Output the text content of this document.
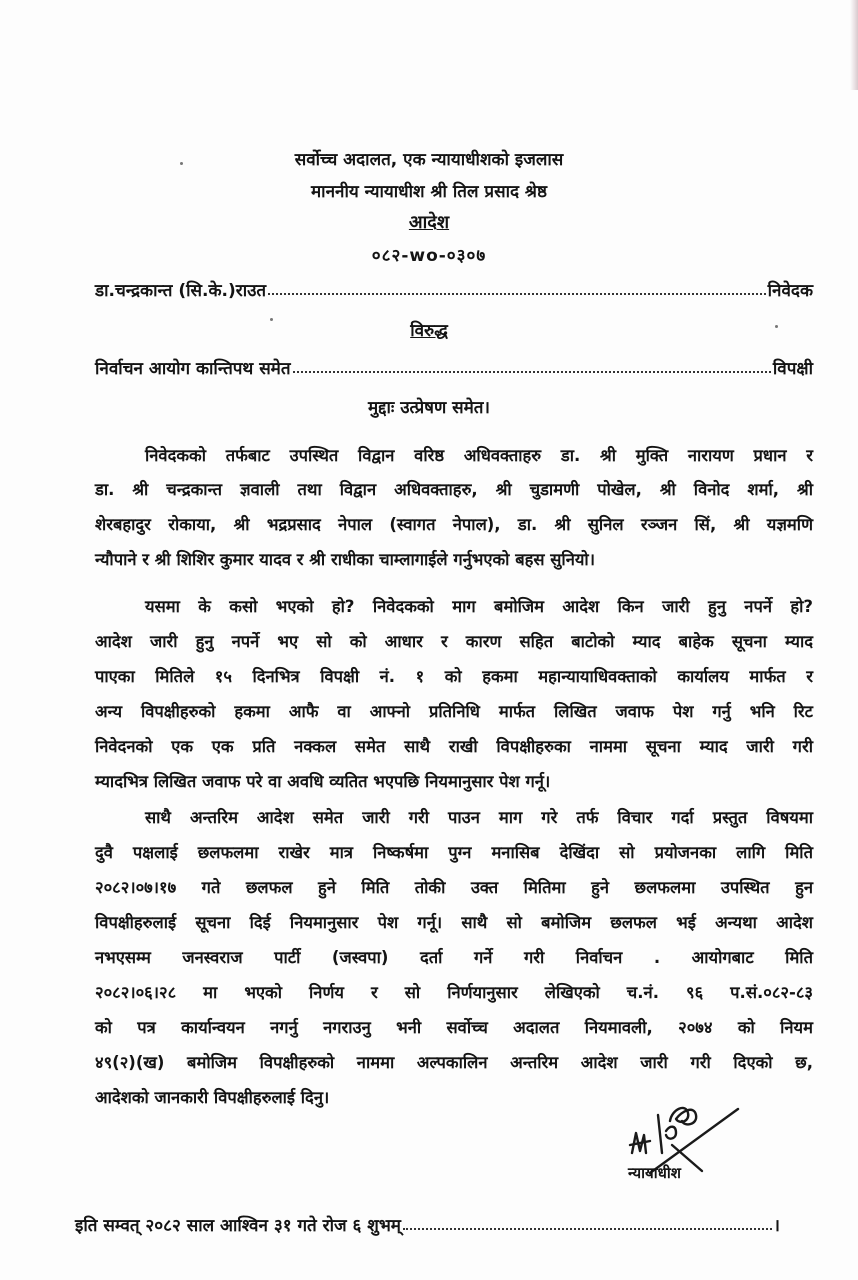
सर्वोच्च अदालत, एक न्यायाधीशको इजलास
माननीय न्यायाधीश श्री तिल प्रसाद श्रेष्ठ
आदेश
०८२-wo-०३०७
डा.चन्द्रकान्त (सि.के.)राउत	निवेदक
विरुद्ध
निर्वाचन आयोग कान्तिपथ समेत	विपक्षी
मुद्दाः उत्प्रेषण समेत।
निवेदकको तर्फबाट उपस्थित विद्वान वरिष्ठ अधिवक्ताहरु डा. श्री मुक्ति नारायण प्रधान र
डा. श्री चन्द्रकान्त ज्ञवाली तथा विद्वान अधिवक्ताहरु, श्री चुडामणी पोखेल, श्री विनोद शर्मा, श्री
शेरबहादुर रोकाया, श्री भद्रप्रसाद नेपाल (स्वागत नेपाल), डा. श्री सुनिल रञ्जन सिं, श्री यज्ञमणि
न्यौपाने र श्री शिशिर कुमार यादव र श्री राधीका चाम्लागाईले गर्नुभएको बहस सुनियो।
यसमा के कसो भएको हो? निवेदकको माग बमोजिम आदेश किन जारी हुनु नपर्ने हो?
आदेश जारी हुनु नपर्ने भए सो को आधार र कारण सहित बाटोको म्याद बाहेक सूचना म्याद
पाएका मितिले १५ दिनभित्र विपक्षी नं. १ को हकमा महान्यायाधिवक्ताको कार्यालय मार्फत र
अन्य विपक्षीहरुको हकमा आफै वा आफ्नो प्रतिनिधि मार्फत लिखित जवाफ पेश गर्नु भनि रिट
निवेदनको एक एक प्रति नक्कल समेत साथै राखी विपक्षीहरुका नाममा सूचना म्याद जारी गरी
म्यादभित्र लिखित जवाफ परे वा अवधि व्यतित भएपछि नियमानुसार पेश गर्नू।
साथै अन्तरिम आदेश समेत जारी गरी पाउन माग गरे तर्फ विचार गर्दा प्रस्तुत विषयमा
दुवै पक्षलाई छलफलमा राखेर मात्र निष्कर्षमा पुग्न मनासिब देखिंदा सो प्रयोजनका लागि मिति
२०८२।०७।१७ गते छलफल हुने मिति तोकी उक्त मितिमा हुने छलफलमा उपस्थित हुन
विपक्षीहरुलाई सूचना दिई नियमानुसार पेश गर्नू। साथै सो बमोजिम छलफल भई अन्यथा आदेश
नभएसम्म जनस्वराज पार्टी (जस्वपा) दर्ता गर्ने गरी निर्वाचन . आयोगबाट मिति
२०८२।०६।२८ मा भएको निर्णय र सो निर्णयानुसार लेखिएको च.नं. ९६ प.सं.०८२-८३
को पत्र कार्यान्वयन नगर्नु नगराउनु भनी सर्वोच्च अदालत नियमावली, २०७४ को नियम
४९(२)(ख) बमोजिम विपक्षीहरुको नाममा अल्पकालिन अन्तरिम आदेश जारी गरी दिएको छ,
आदेशको जानकारी विपक्षीहरुलाई दिनु।
न्यायाधीश
इति सम्वत् २०८२ साल आश्विन ३१ गते रोज ६ शुभम्	।
